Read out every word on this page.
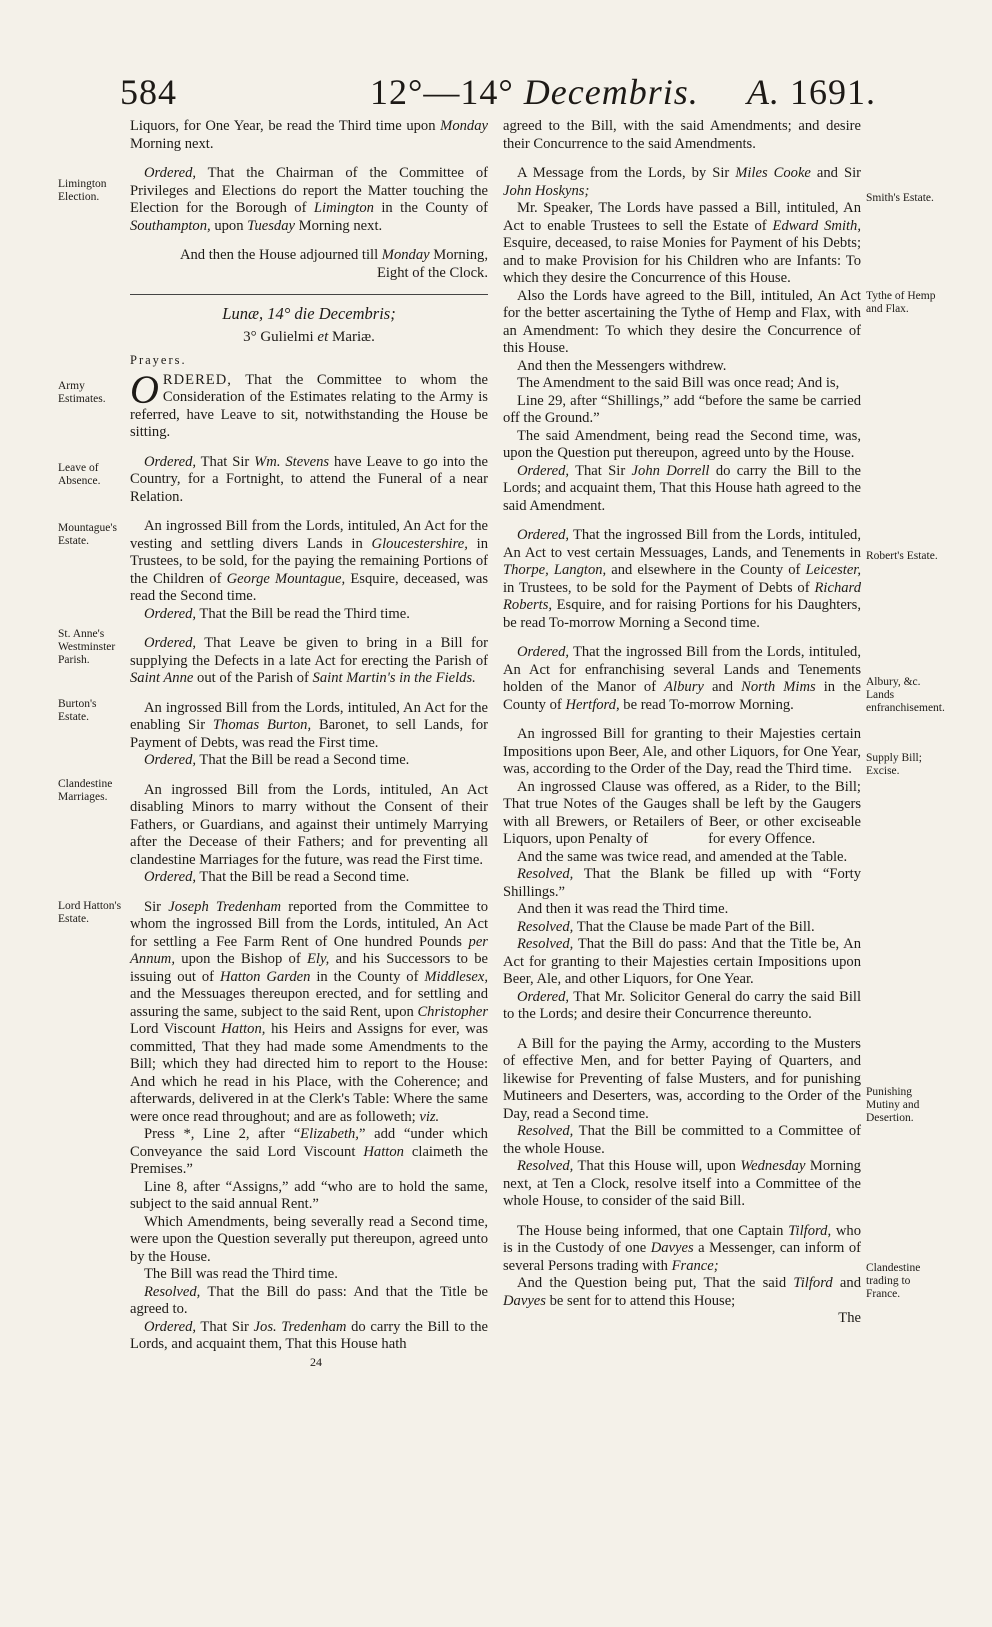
584	12°—14° Decembris. A. 1691.
Limington Election.
Army Estimates.
Leave of Absence.
Mountague's Estate.
St. Anne's Westminster Parish.
Burton's Estate.
Clandestine Marriages.
Lord Hatton's Estate.
Smith's Estate.
Tythe of Hemp and Flax.
Robert's Estate.
Albury, &c. Lands enfranchisement.
Supply Bill; Excise.
Punishing Mutiny and Desertion.
Clandestine trading to France.

Liquors, for One Year, be read the Third time upon Monday Morning next.

Ordered, That the Chairman of the Committee of Privileges and Elections do report the Matter touching the Election for the Borough of Limington in the County of Southampton, upon Tuesday Morning next.

And then the House adjourned till Monday Morning, Eight of the Clock.

Lunæ, 14° die Decembris;

3° Gulielmi et Mariæ.

Prayers.

ORDERED, That the Committee to whom the Consideration of the Estimates relating to the Army is referred, have Leave to sit, notwithstanding the House be sitting.

Ordered, That Sir Wm. Stevens have Leave to go into the Country, for a Fortnight, to attend the Funeral of a near Relation.

An ingrossed Bill from the Lords, intituled, An Act for the vesting and settling divers Lands in Gloucestershire, in Trustees, to be sold, for the paying the remaining Portions of the Children of George Mountague, Esquire, deceased, was read the Second time.

Ordered, That the Bill be read the Third time.

Ordered, That Leave be given to bring in a Bill for supplying the Defects in a late Act for erecting the Parish of Saint Anne out of the Parish of Saint Martin's in the Fields.

An ingrossed Bill from the Lords, intituled, An Act for the enabling Sir Thomas Burton, Baronet, to sell Lands, for Payment of Debts, was read the First time.

Ordered, That the Bill be read a Second time.

An ingrossed Bill from the Lords, intituled, An Act disabling Minors to marry without the Consent of their Fathers, or Guardians, and against their untimely Marrying after the Decease of their Fathers; and for preventing all clandestine Marriages for the future, was read the First time.

Ordered, That the Bill be read a Second time.

Sir Joseph Tredenham reported from the Committee to whom the ingrossed Bill from the Lords, intituled, An Act for settling a Fee Farm Rent of One hundred Pounds per Annum, upon the Bishop of Ely, and his Successors to be issuing out of Hatton Garden in the County of Middlesex, and the Messuages thereupon erected, and for settling and assuring the same, subject to the said Rent, upon Christopher Lord Viscount Hatton, his Heirs and Assigns for ever, was committed, That they had made some Amendments to the Bill; which they had directed him to report to the House: And which he read in his Place, with the Coherence; and afterwards, delivered in at the Clerk's Table: Where the same were once read throughout; and are as followeth; viz.

Press *, Line 2, after “Elizabeth,” add “under which Conveyance the said Lord Viscount Hatton claimeth the Premises.”

Line 8, after “Assigns,” add “who are to hold the same, subject to the said annual Rent.”

Which Amendments, being severally read a Second time, were upon the Question severally put thereupon, agreed unto by the House.

The Bill was read the Third time.

Resolved, That the Bill do pass: And that the Title be agreed to.

Ordered, That Sir Jos. Tredenham do carry the Bill to the Lords, and acquaint them, That this House hath

24

agreed to the Bill, with the said Amendments; and desire their Concurrence to the said Amendments.

A Message from the Lords, by Sir Miles Cooke and Sir John Hoskyns;

Mr. Speaker, The Lords have passed a Bill, intituled, An Act to enable Trustees to sell the Estate of Edward Smith, Esquire, deceased, to raise Monies for Payment of his Debts; and to make Provision for his Children who are Infants: To which they desire the Concurrence of this House.

Also the Lords have agreed to the Bill, intituled, An Act for the better ascertaining the Tythe of Hemp and Flax, with an Amendment: To which they desire the Concurrence of this House.

And then the Messengers withdrew.

The Amendment to the said Bill was once read; And is,

Line 29, after “Shillings,” add “before the same be carried off the Ground.”

The said Amendment, being read the Second time, was, upon the Question put thereupon, agreed unto by the House.

Ordered, That Sir John Dorrell do carry the Bill to the Lords; and acquaint them, That this House hath agreed to the said Amendment.

Ordered, That the ingrossed Bill from the Lords, intituled, An Act to vest certain Messuages, Lands, and Tenements in Thorpe, Langton, and elsewhere in the County of Leicester, in Trustees, to be sold for the Payment of Debts of Richard Roberts, Esquire, and for raising Portions for his Daughters, be read To-morrow Morning a Second time.

Ordered, That the ingrossed Bill from the Lords, intituled, An Act for enfranchising several Lands and Tenements holden of the Manor of Albury and North Mims in the County of Hertford, be read To-morrow Morning.

An ingrossed Bill for granting to their Majesties certain Impositions upon Beer, Ale, and other Liquors, for One Year, was, according to the Order of the Day, read the Third time.

An ingrossed Clause was offered, as a Rider, to the Bill; That true Notes of the Gauges shall be left by the Gaugers with all Brewers, or Retailers of Beer, or other exciseable Liquors, upon Penalty of	for every Offence.

And the same was twice read, and amended at the Table.

Resolved, That the Blank be filled up with “Forty Shillings.”

And then it was read the Third time.

Resolved, That the Clause be made Part of the Bill.

Resolved, That the Bill do pass: And that the Title be, An Act for granting to their Majesties certain Impositions upon Beer, Ale, and other Liquors, for One Year.

Ordered, That Mr. Solicitor General do carry the said Bill to the Lords; and desire their Concurrence thereunto.

A Bill for the paying the Army, according to the Musters of effective Men, and for better Paying of Quarters, and likewise for Preventing of false Musters, and for punishing Mutineers and Deserters, was, according to the Order of the Day, read a Second time.

Resolved, That the Bill be committed to a Committee of the whole House.

Resolved, That this House will, upon Wednesday Morning next, at Ten a Clock, resolve itself into a Committee of the whole House, to consider of the said Bill.

The House being informed, that one Captain Tilford, who is in the Custody of one Davyes a Messenger, can inform of several Persons trading with France;

And the Question being put, That the said Tilford and Davyes be sent for to attend this House;

The
